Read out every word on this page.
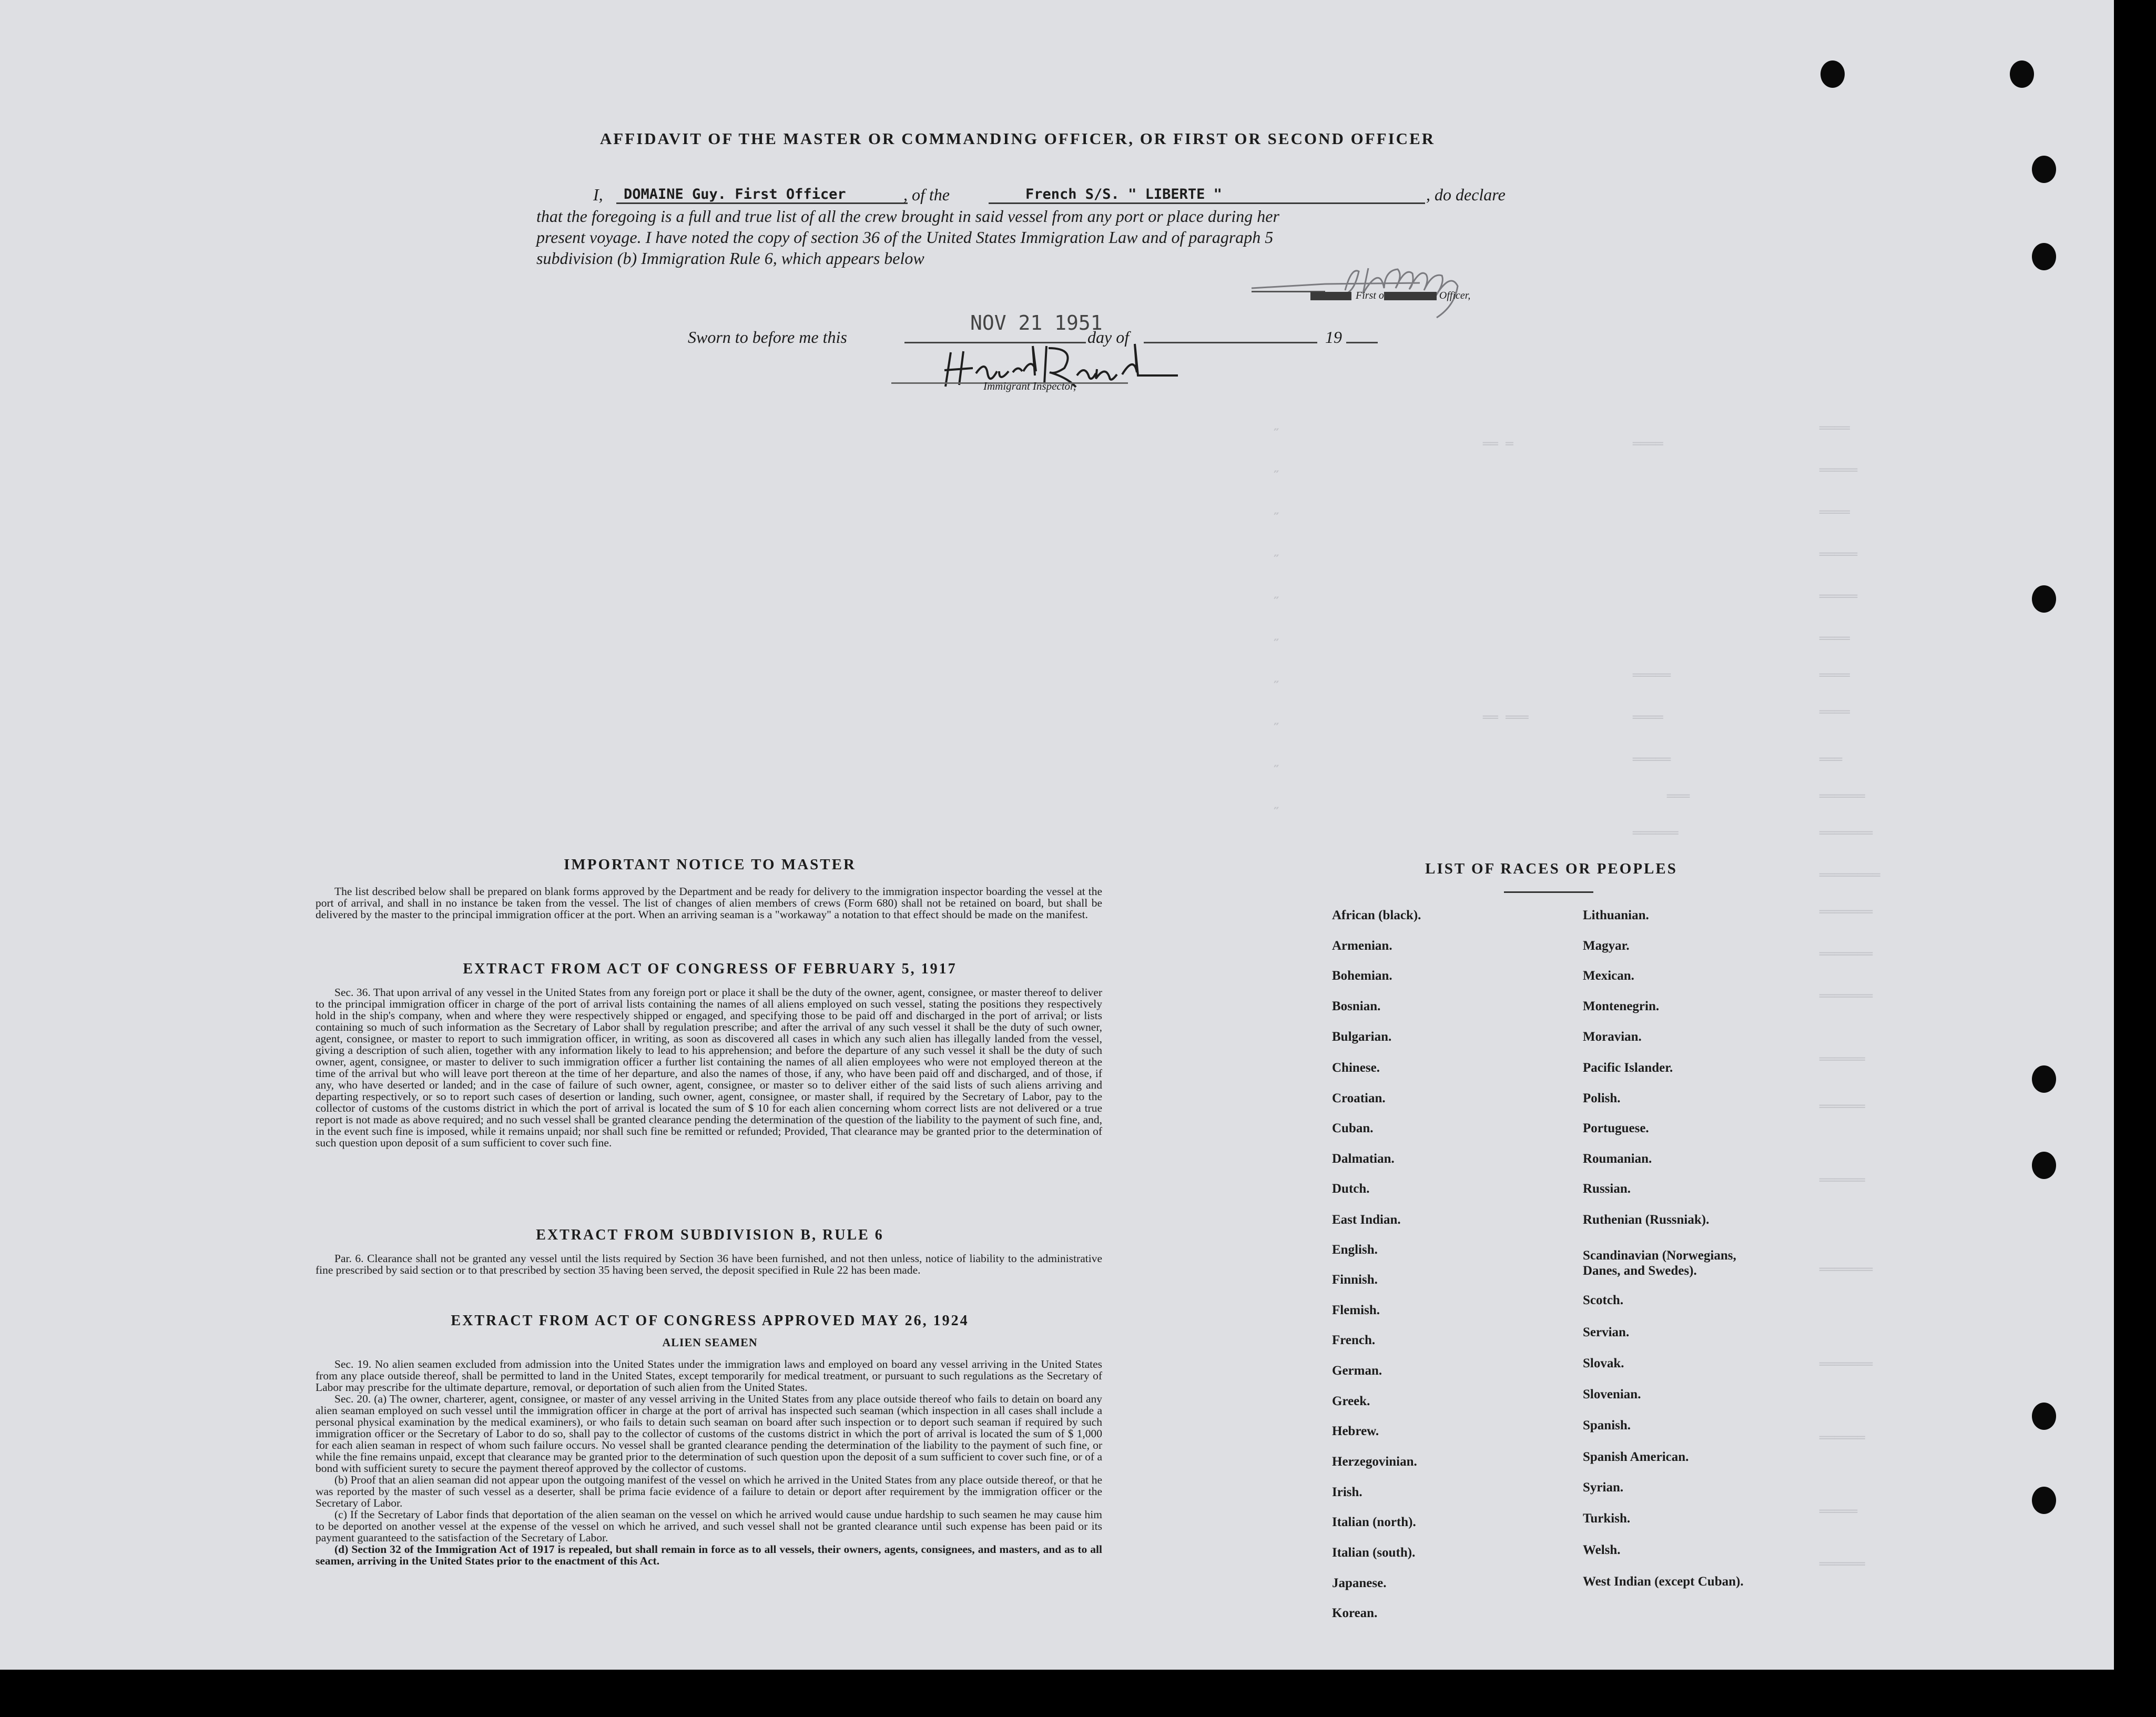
AFFIDAVIT OF THE MASTER OR COMMANDING OFFICER, OR FIRST OR SECOND OFFICER
I,	DOMAINE Guy. First Officer	, of the	French S/S. " LIBERTE "	, do declare
that the foregoing is a full and true list of all the crew brought in said vessel from any port or place during her
present voyage. I have noted the copy of section 36 of the United States Immigration Law and of paragraph 5
subdivision (b) Immigration Rule 6, which appears below
First o	Officer,
Sworn to before me this
NOV 21 1951
day of	19
Immigrant Inspector,
════
════
══ ═
═════
════
═════
═════
════
════
═════
════
════
══ ═══
═══
═════
══════
═══
═══════
══════
════════
═══════
═══════
═══════
══════
══════
══════
═══════
═══════
══════
═════
══════
″
″
″
″
″
″
″
″
″
″
IMPORTANT NOTICE TO MASTER

The list described below shall be prepared on blank forms approved by the Department and be ready for delivery to the immigration inspector boarding the vessel at the port of arrival, and shall in no instance be taken from the vessel. The list of changes of alien members of crews (Form 680) shall not be retained on board, but shall be delivered by the master to the principal immigration officer at the port. When an arriving seaman is a "workaway" a notation to that effect should be made on the manifest.

EXTRACT FROM ACT OF CONGRESS OF FEBRUARY 5, 1917

Sec. 36. That upon arrival of any vessel in the United States from any foreign port or place it shall be the duty of the owner, agent, consignee, or master thereof to deliver to the principal immigration officer in charge of the port of arrival lists containing the names of all aliens employed on such vessel, stating the positions they respectively hold in the ship's company, when and where they were respectively shipped or engaged, and specifying those to be paid off and discharged in the port of arrival; or lists containing so much of such information as the Secretary of Labor shall by regulation prescribe; and after the arrival of any such vessel it shall be the duty of such owner, agent, consignee, or master to report to such immigration officer, in writing, as soon as discovered all cases in which any such alien has illegally landed from the vessel, giving a description of such alien, together with any information likely to lead to his apprehension; and before the departure of any such vessel it shall be the duty of such owner, agent, consignee, or master to deliver to such immigration officer a further list containing the names of all alien employees who were not employed thereon at the time of the arrival but who will leave port thereon at the time of her departure, and also the names of those, if any, who have been paid off and discharged, and of those, if any, who have deserted or landed; and in the case of failure of such owner, agent, consignee, or master so to deliver either of the said lists of such aliens arriving and departing respectively, or so to report such cases of desertion or landing, such owner, agent, consignee, or master shall, if required by the Secretary of Labor, pay to the collector of customs of the customs district in which the port of arrival is located the sum of $ 10 for each alien concerning whom correct lists are not delivered or a true report is not made as above required; and no such vessel shall be granted clearance pending the determination of the question of the liability to the payment of such fine, and, in the event such fine is imposed, while it remains unpaid; nor shall such fine be remitted or refunded; Provided, That clearance may be granted prior to the determination of such question upon deposit of a sum sufficient to cover such fine.

EXTRACT FROM SUBDIVISION B, RULE 6

Par. 6. Clearance shall not be granted any vessel until the lists required by Section 36 have been furnished, and not then unless, notice of liability to the administrative fine prescribed by said section or to that prescribed by section 35 having been served, the deposit specified in Rule 22 has been made.

EXTRACT FROM ACT OF CONGRESS APPROVED MAY 26, 1924
ALIEN SEAMEN

Sec. 19. No alien seamen excluded from admission into the United States under the immigration laws and employed on board any vessel arriving in the United States from any place outside thereof, shall be permitted to land in the United States, except temporarily for medical treatment, or pursuant to such regulations as the Secretary of Labor may prescribe for the ultimate departure, removal, or deportation of such alien from the United States.

Sec. 20. (a) The owner, charterer, agent, consignee, or master of any vessel arriving in the United States from any place outside thereof who fails to detain on board any alien seaman employed on such vessel until the immigration officer in charge at the port of arrival has inspected such seaman (which inspection in all cases shall include a personal physical examination by the medical examiners), or who fails to detain such seaman on board after such inspection or to deport such seaman if required by such immigration officer or the Secretary of Labor to do so, shall pay to the collector of customs of the customs district in which the port of arrival is located the sum of $ 1,000 for each alien seaman in respect of whom such failure occurs. No vessel shall be granted clearance pending the determination of the liability to the payment of such fine, or while the fine remains unpaid, except that clearance may be granted prior to the determination of such question upon the deposit of a sum sufficient to cover such fine, or of a bond with sufficient surety to secure the payment thereof approved by the collector of customs.

(b) Proof that an alien seaman did not appear upon the outgoing manifest of the vessel on which he arrived in the United States from any place outside thereof, or that he was reported by the master of such vessel as a deserter, shall be prima facie evidence of a failure to detain or deport after requirement by the immigration officer or the Secretary of Labor.

(c) If the Secretary of Labor finds that deportation of the alien seaman on the vessel on which he arrived would cause undue hardship to such seamen he may cause him to be deported on another vessel at the expense of the vessel on which he arrived, and such vessel shall not be granted clearance until such expense has been paid or its payment guaranteed to the satisfaction of the Secretary of Labor.

(d) Section 32 of the Immigration Act of 1917 is repealed, but shall remain in force as to all vessels, their owners, agents, consignees, and masters, and as to all seamen, arriving in the United States prior to the enactment of this Act.

LIST OF RACES OR PEOPLES
African (black).
Armenian.
Bohemian.
Bosnian.
Bulgarian.
Chinese.
Croatian.
Cuban.
Dalmatian.
Dutch.
East Indian.
English.
Finnish.
Flemish.
French.
German.
Greek.
Hebrew.
Herzegovinian.
Irish.
Italian (north).
Italian (south).
Japanese.
Korean.
Lithuanian.
Magyar.
Mexican.
Montenegrin.
Moravian.
Pacific Islander.
Polish.
Portuguese.
Roumanian.
Russian.
Ruthenian (Russniak).
Scandinavian (Norwegians, Danes, and Swedes).
Scotch.
Servian.
Slovak.
Slovenian.
Spanish.
Spanish American.
Syrian.
Turkish.
Welsh.
West Indian (except Cuban).
